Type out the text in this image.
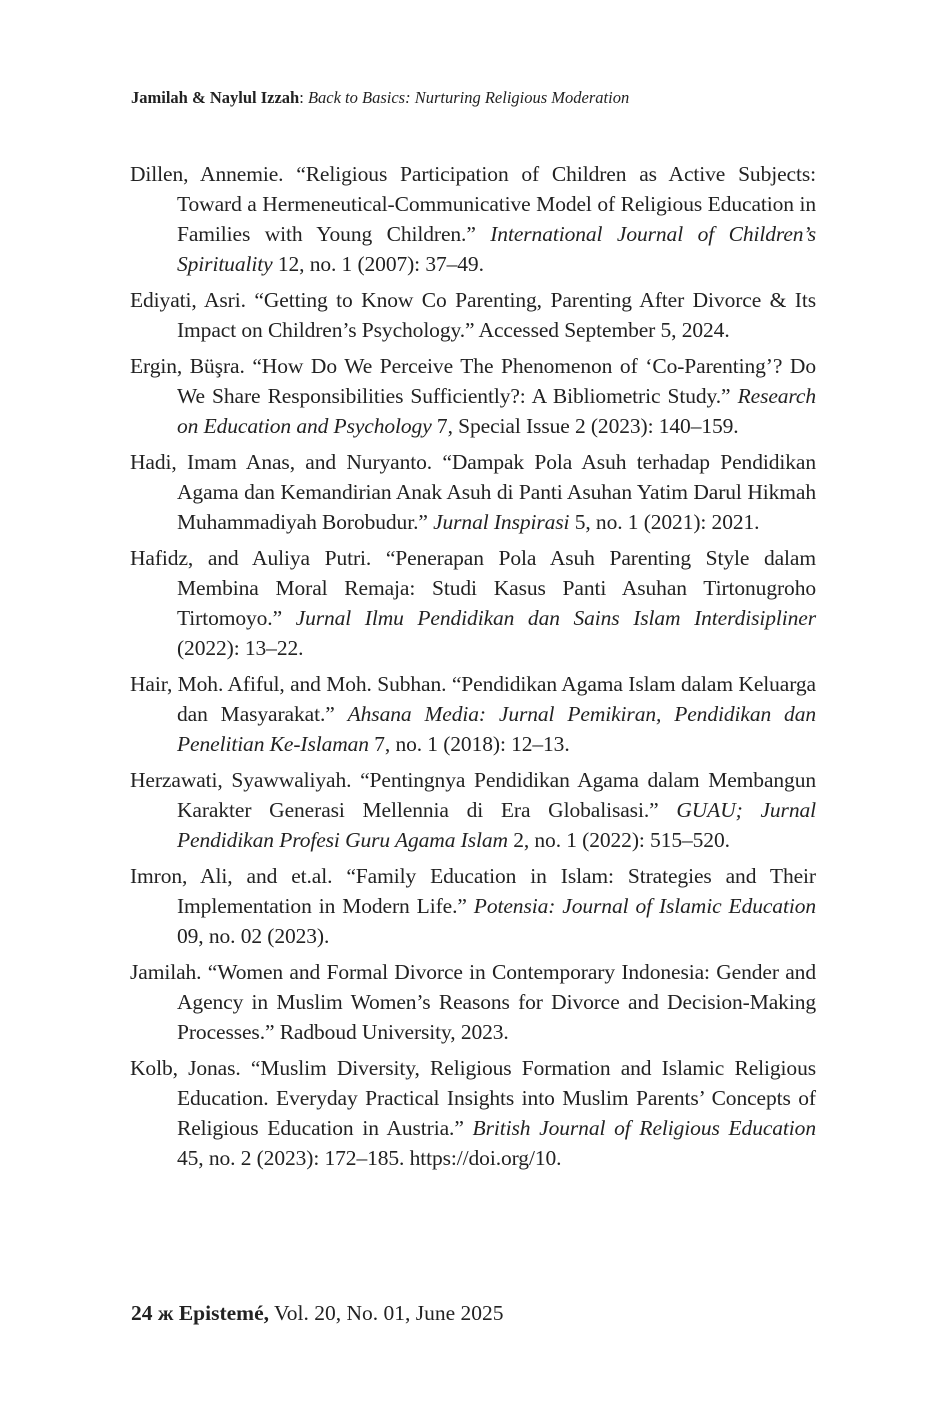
Jamilah & Naylul Izzah: Back to Basics: Nurturing Religious Moderation
Dillen, Annemie. “Religious Participation of Children as Active Subjects: Toward a Hermeneutical-Communicative Model of Religious Education in Families with Young Children.” International Journal of Children’s Spirituality 12, no. 1 (2007): 37–49.
Ediyati, Asri. “Getting to Know Co Parenting, Parenting After Divorce & Its Impact on Children’s Psychology.” Accessed September 5, 2024.
Ergin, Büşra. “How Do We Perceive The Phenomenon of ‘Co-Parenting’? Do We Share Responsibilities Sufficiently?: A Bibliometric Study.” Research on Education and Psychology 7, Special Issue 2 (2023): 140–159.
Hadi, Imam Anas, and Nuryanto. “Dampak Pola Asuh terhadap Pendidikan Agama dan Kemandirian Anak Asuh di Panti Asuhan Yatim Darul Hikmah Muhammadiyah Borobudur.” Jurnal Inspirasi 5, no. 1 (2021): 2021.
Hafidz, and Auliya Putri. “Penerapan Pola Asuh Parenting Style dalam Membina Moral Remaja: Studi Kasus Panti Asuhan Tirtonugroho Tirtomoyo.” Jurnal Ilmu Pendidikan dan Sains Islam Interdisipliner (2022): 13–22.
Hair, Moh. Afiful, and Moh. Subhan. “Pendidikan Agama Islam dalam Keluarga dan Masyarakat.” Ahsana Media: Jurnal Pemikiran, Pendidikan dan Penelitian Ke-Islaman 7, no. 1 (2018): 12–13.
Herzawati, Syawwaliyah. “Pentingnya Pendidikan Agama dalam Membangun Karakter Generasi Mellennia di Era Globalisasi.” GUAU; Jurnal Pendidikan Profesi Guru Agama Islam 2, no. 1 (2022): 515–520.
Imron, Ali, and et.al. “Family Education in Islam: Strategies and Their Implementation in Modern Life.” Potensia: Journal of Islamic Education 09, no. 02 (2023).
Jamilah. “Women and Formal Divorce in Contemporary Indonesia: Gender and Agency in Muslim Women’s Reasons for Divorce and Decision-Making Processes.” Radboud University, 2023.
Kolb, Jonas. “Muslim Diversity, Religious Formation and Islamic Religious Education. Everyday Practical Insights into Muslim Parents’ Concepts of Religious Education in Austria.” British Journal of Religious Education 45, no. 2 (2023): 172–185. https://doi.org/10.
24 ж Epistemé, Vol. 20, No. 01, June 2025
